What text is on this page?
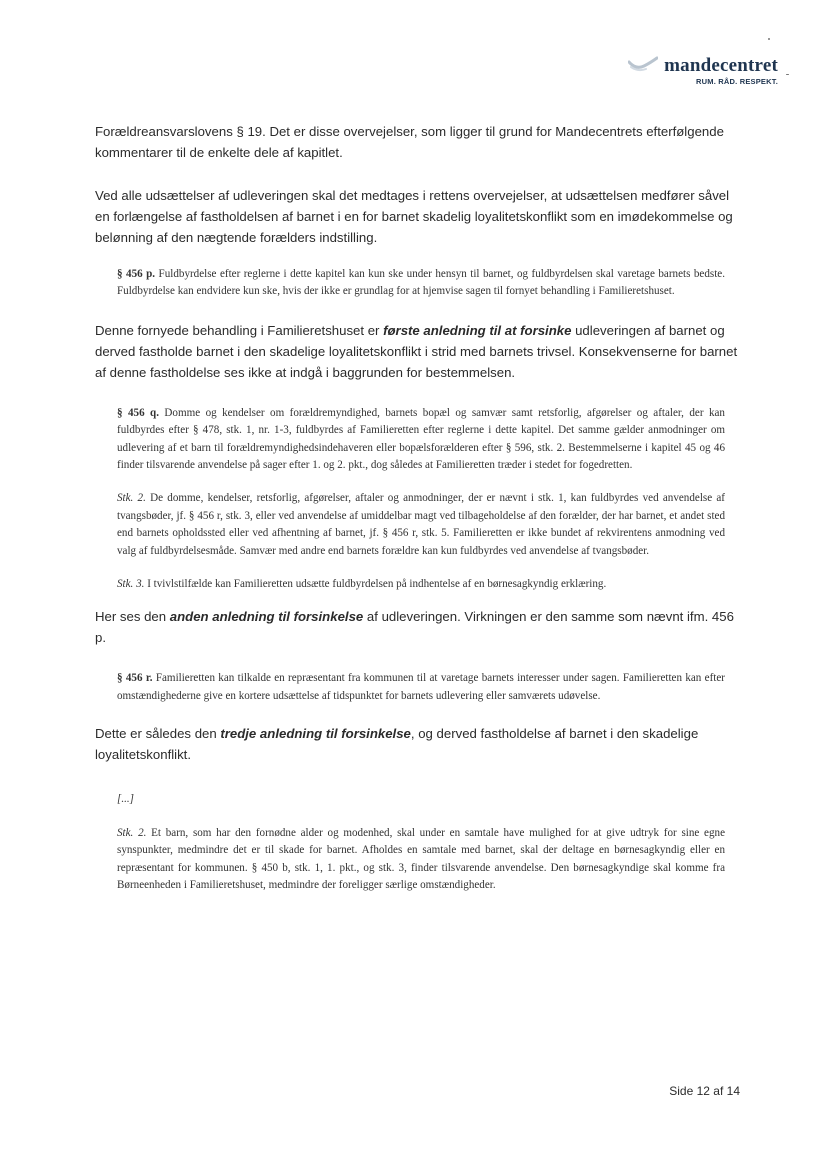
mandecentret
RUM. RÅD. RESPEKT.

Forældreansvarslovens § 19. Det er disse overvejelser, som ligger til grund for Mandecentrets efterfølgende kommentarer til de enkelte dele af kapitlet.

Ved alle udsættelser af udleveringen skal det medtages i rettens overvejelser, at udsættelsen medfører såvel en forlængelse af fastholdelsen af barnet i en for barnet skadelig loyalitetskonflikt som en imødekommelse og belønning af den nægtende forælders indstilling.

§ 456 p. Fuldbyrdelse efter reglerne i dette kapitel kan kun ske under hensyn til barnet, og fuldbyrdelsen skal varetage barnets bedste. Fuldbyrdelse kan endvidere kun ske, hvis der ikke er grundlag for at hjemvise sagen til fornyet behandling i Familieretshuset.

Denne fornyede behandling i Familieretshuset er første anledning til at forsinke udleveringen af barnet og derved fastholde barnet i den skadelige loyalitetskonflikt i strid med barnets trivsel. Konsekvenserne for barnet af denne fastholdelse ses ikke at indgå i baggrunden for bestemmelsen.

§ 456 q. Domme og kendelser om forældremyndighed, barnets bopæl og samvær samt retsforlig, afgørelser og aftaler, der kan fuldbyrdes efter § 478, stk. 1, nr. 1-3, fuldbyrdes af Familieretten efter reglerne i dette kapitel. Det samme gælder anmodninger om udlevering af et barn til forældremyndighedsindehaveren eller bopælsforælderen efter § 596, stk. 2. Bestemmelserne i kapitel 45 og 46 finder tilsvarende anvendelse på sager efter 1. og 2. pkt., dog således at Familieretten træder i stedet for fogedretten.

Stk. 2. De domme, kendelser, retsforlig, afgørelser, aftaler og anmodninger, der er nævnt i stk. 1, kan fuldbyrdes ved anvendelse af tvangsbøder, jf. § 456 r, stk. 3, eller ved anvendelse af umiddelbar magt ved tilbageholdelse af den forælder, der har barnet, et andet sted end barnets opholdssted eller ved afhentning af barnet, jf. § 456 r, stk. 5. Familieretten er ikke bundet af rekvirentens anmodning ved valg af fuldbyrdelsesmåde. Samvær med andre end barnets forældre kan kun fuldbyrdes ved anvendelse af tvangsbøder.

Stk. 3. I tvivlstilfælde kan Familieretten udsætte fuldbyrdelsen på indhentelse af en børnesagkyndig erklæring.

Her ses den anden anledning til forsinkelse af udleveringen. Virkningen er den samme som nævnt ifm. 456 p.

§ 456 r. Familieretten kan tilkalde en repræsentant fra kommunen til at varetage barnets interesser under sagen. Familieretten kan efter omstændighederne give en kortere udsættelse af tidspunktet for barnets udlevering eller samværets udøvelse.

Dette er således den tredje anledning til forsinkelse, og derved fastholdelse af barnet i den skadelige loyalitetskonflikt.

[...]

Stk. 2. Et barn, som har den fornødne alder og modenhed, skal under en samtale have mulighed for at give udtryk for sine egne synspunkter, medmindre det er til skade for barnet. Afholdes en samtale med barnet, skal der deltage en børnesagkyndig eller en repræsentant for kommunen. § 450 b, stk. 1, 1. pkt., og stk. 3, finder tilsvarende anvendelse. Den børnesagkyndige skal komme fra Børneenheden i Familieretshuset, medmindre der foreligger særlige omstændigheder.

Side 12 af 14
